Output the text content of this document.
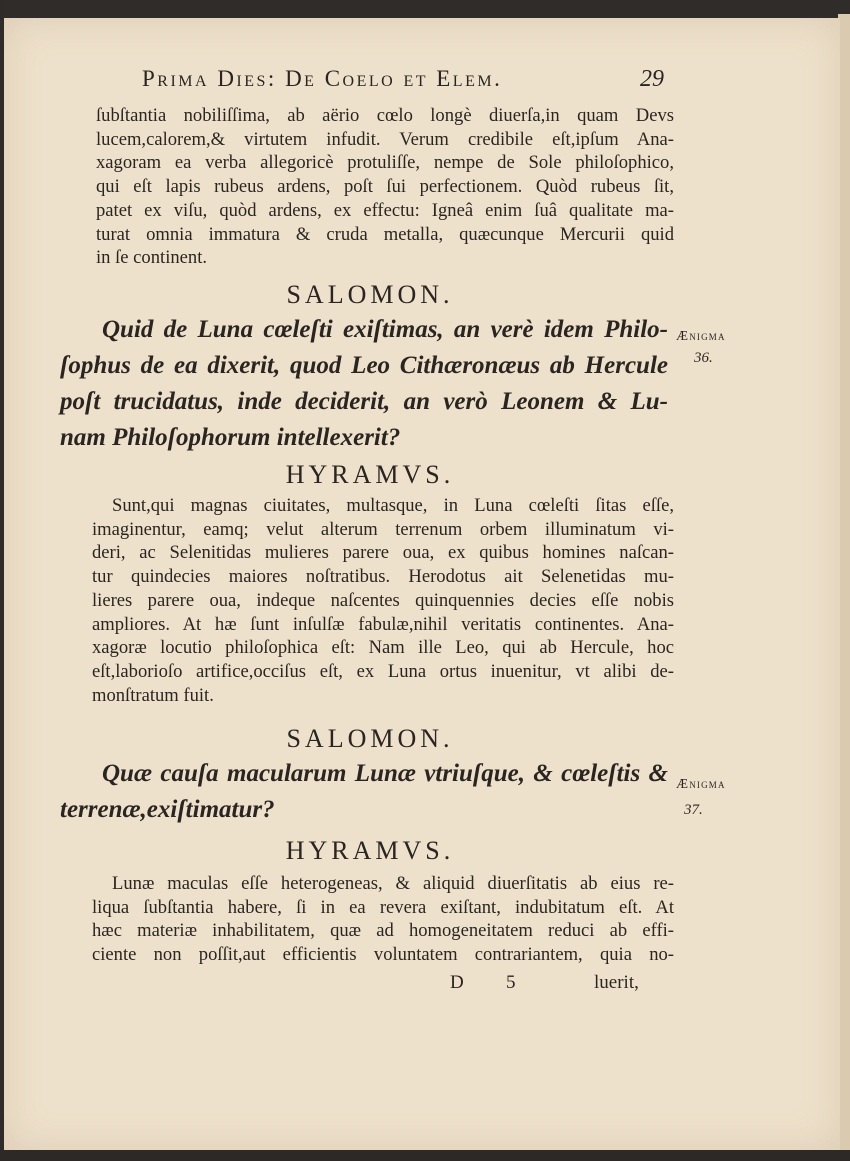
Prima Dies: De Coelo et Elem.	29
ſubſtantia nobiliſſima, ab aërio cœlo longè diuerſa,in quam Devs
lucem,calorem,& virtutem infudit. Verum credibile eſt,ipſum Ana-
xagoram ea verba allegoricè protuliſſe, nempe de Sole philoſophico,
qui eſt lapis rubeus ardens, poſt ſui perfectionem. Quòd rubeus ſit,
patet ex viſu, quòd ardens, ex effectu: Igneâ enim ſuâ qualitate ma-
turat omnia immatura & cruda metalla, quæcunque Mercurii quid
in ſe continent.
SALOMON.
Quid de Luna cœleſti exiſtimas, an verè idem Philo-
ſophus de ea dixerit, quod Leo Cithæronæus ab Hercule
poſt trucidatus, inde deciderit, an verò Leonem & Lu-
nam Philoſophorum intellexerit?
Ænigma
36.
HYRAMVS.
Sunt,qui magnas ciuitates, multasque, in Luna cœleſti ſitas eſſe,
imaginentur, eamq; velut alterum terrenum orbem illuminatum vi-
deri, ac Selenitidas mulieres parere oua, ex quibus homines naſcan-
tur quindecies maiores noſtratibus. Herodotus ait Selenetidas mu-
lieres parere oua, indeque naſcentes quinquennies decies eſſe nobis
ampliores. At hæ ſunt inſulſæ fabulæ,nihil veritatis continentes. Ana-
xagoræ locutio philoſophica eſt: Nam ille Leo, qui ab Hercule, hoc
eſt,laborioſo artifice,occiſus eſt, ex Luna ortus inuenitur, vt alibi de-
monſtratum fuit.
SALOMON.
Quæ cauſa macularum Lunæ vtriuſque, & cœleſtis &
terrenæ,exiſtimatur?
Ænigma
37.
HYRAMVS.
Lunæ maculas eſſe heterogeneas, & aliquid diuerſitatis ab eius re-
liqua ſubſtantia habere, ſi in ea revera exiſtant, indubitatum eſt. At
hæc materiæ inhabilitatem, quæ ad homogeneitatem reduci ab effi-
ciente non poſſit,aut efficientis voluntatem contrariantem, quia no-
D 5	luerit,
